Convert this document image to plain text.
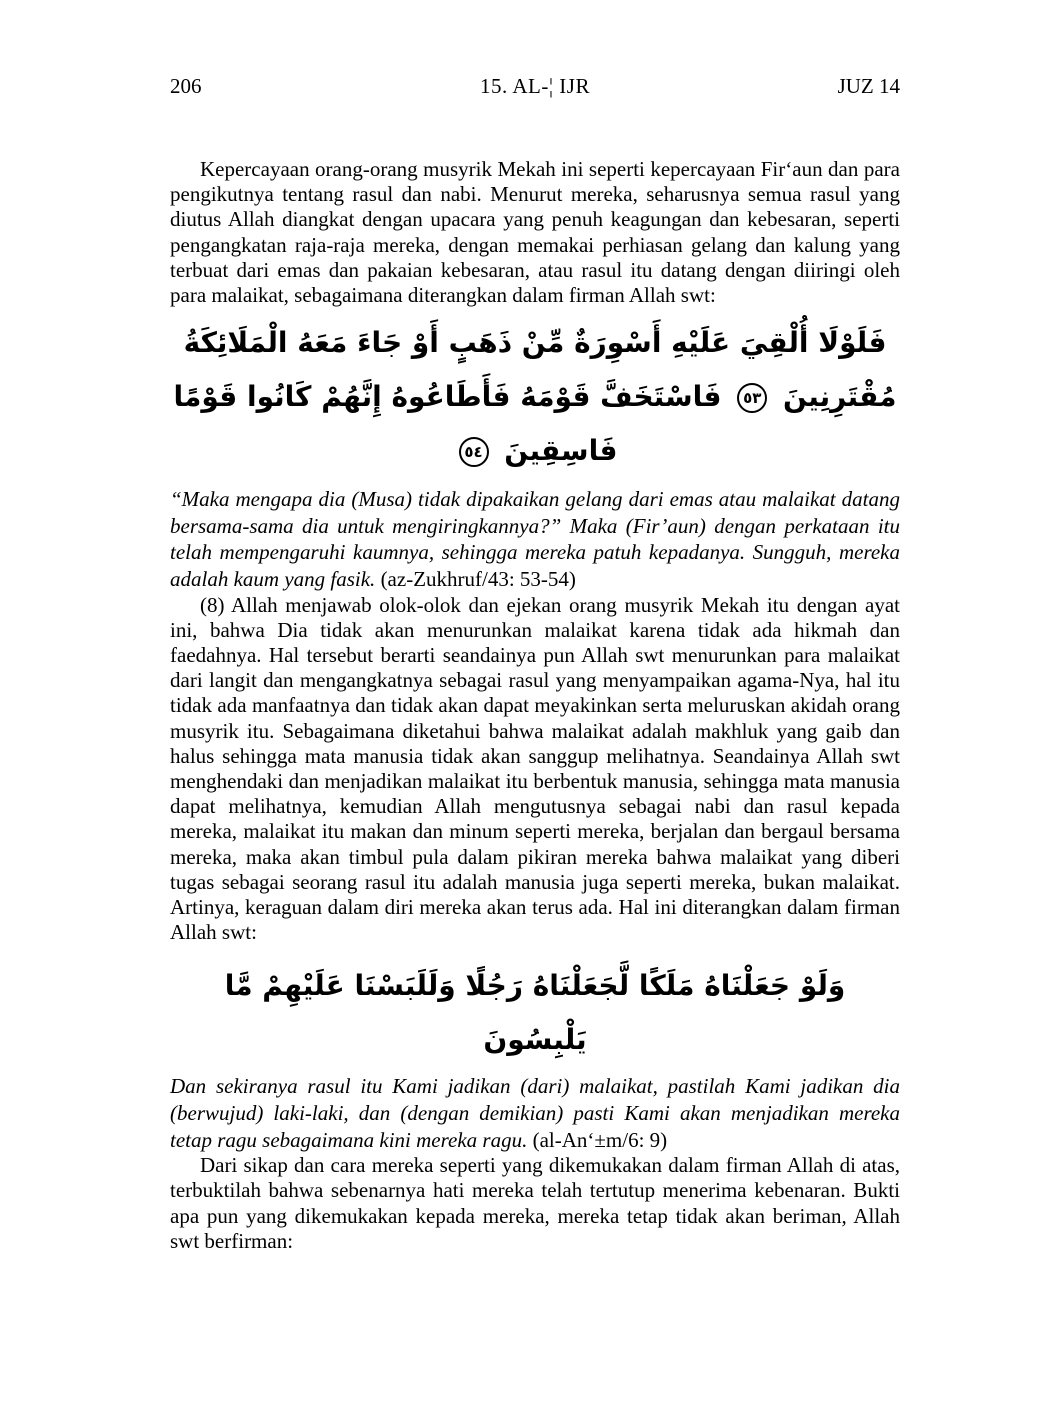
206	15. AL-¦ IJR	JUZ 14

Kepercayaan orang-orang musyrik Mekah ini seperti kepercayaan Fir‘aun dan para pengikutnya tentang rasul dan nabi. Menurut mereka, seharusnya semua rasul yang diutus Allah diangkat dengan upacara yang penuh keagungan dan kebesaran, seperti pengangkatan raja-raja mereka, dengan memakai perhiasan gelang dan kalung yang terbuat dari emas dan pakaian kebesaran, atau rasul itu datang dengan diiringi oleh para malaikat, sebagaimana diterangkan dalam firman Allah swt:

فَلَوْلَا أُلْقِيَ عَلَيْهِ أَسْوِرَةٌ مِّنْ ذَهَبٍ أَوْ جَاءَ مَعَهُ الْمَلَائِكَةُ مُقْتَرِنِينَ ٥٣ فَاسْتَخَفَّ قَوْمَهُ فَأَطَاعُوهُ إِنَّهُمْ كَانُوا قَوْمًا فَاسِقِينَ ٥٤

“Maka mengapa dia (Musa) tidak dipakaikan gelang dari emas atau malaikat datang bersama-sama dia untuk mengiringkannya?” Maka (Fir’aun) dengan perkataan itu telah mempengaruhi kaumnya, sehingga mereka patuh kepadanya. Sungguh, mereka adalah kaum yang fasik. (az-Zukhruf/43: 53-54)

(8) Allah menjawab olok-olok dan ejekan orang musyrik Mekah itu dengan ayat ini, bahwa Dia tidak akan menurunkan malaikat karena tidak ada hikmah dan faedahnya. Hal tersebut berarti seandainya pun Allah swt menurunkan para malaikat dari langit dan mengangkatnya sebagai rasul yang menyampaikan agama-Nya, hal itu tidak ada manfaatnya dan tidak akan dapat meyakinkan serta meluruskan akidah orang musyrik itu. Sebagaimana diketahui bahwa malaikat adalah makhluk yang gaib dan halus sehingga mata manusia tidak akan sanggup melihatnya. Seandainya Allah swt menghendaki dan menjadikan malaikat itu berbentuk manusia, sehingga mata manusia dapat melihatnya, kemudian Allah mengutusnya sebagai nabi dan rasul kepada mereka, malaikat itu makan dan minum seperti mereka, berjalan dan bergaul bersama mereka, maka akan timbul pula dalam pikiran mereka bahwa malaikat yang diberi tugas sebagai seorang rasul itu adalah manusia juga seperti mereka, bukan malaikat. Artinya, keraguan dalam diri mereka akan terus ada. Hal ini diterangkan dalam firman Allah swt:

وَلَوْ جَعَلْنَاهُ مَلَكًا لَّجَعَلْنَاهُ رَجُلًا وَلَلَبَسْنَا عَلَيْهِمْ مَّا يَلْبِسُونَ

Dan sekiranya rasul itu Kami jadikan (dari) malaikat, pastilah Kami jadikan dia (berwujud) laki-laki, dan (dengan demikian) pasti Kami akan menjadikan mereka tetap ragu sebagaimana kini mereka ragu. (al-An‘±m/6: 9)

Dari sikap dan cara mereka seperti yang dikemukakan dalam firman Allah di atas, terbuktilah bahwa sebenarnya hati mereka telah tertutup menerima kebenaran. Bukti apa pun yang dikemukakan kepada mereka, mereka tetap tidak akan beriman, Allah swt berfirman:
